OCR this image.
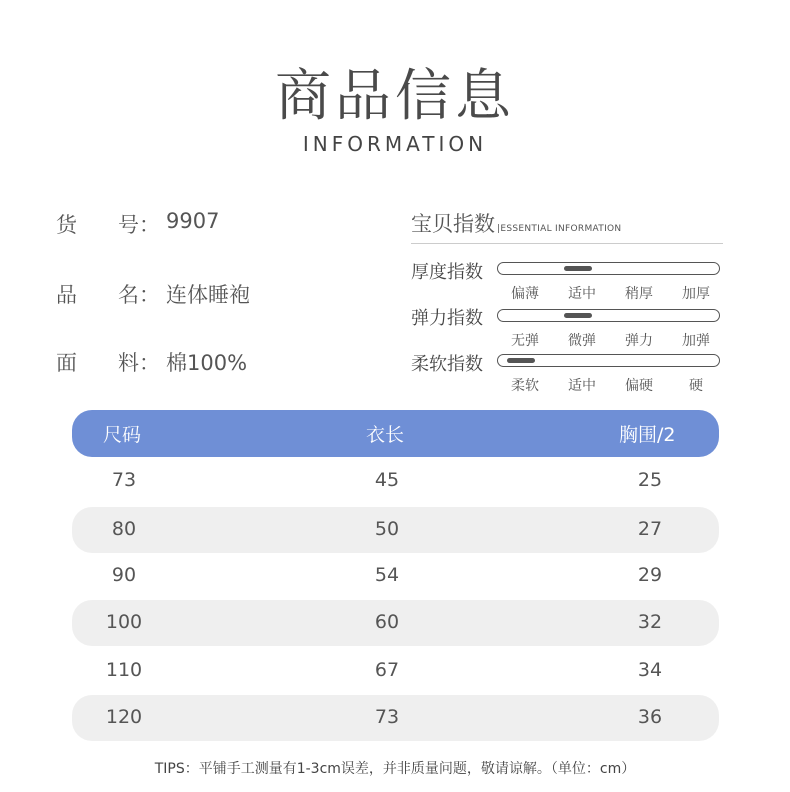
商品信息
INFORMATION
货 号： 9907
品 名： 连体睡袍
面 料： 棉100%
宝贝指数 |ESSENTIAL INFORMATION
厚度指数
偏薄 适中 稍厚 加厚
弹力指数
无弹 微弹 弹力 加弹
柔软指数
柔软 适中 偏硬	硬
尺码	衣长	胸围/2
73	45	25
80	50	27
90	54	29
100	60	32
110	67	34
120	73	36
TIPS：平铺手工测量有1-3cm误差，并非质量问题，敬请谅解。（单位：cm）
